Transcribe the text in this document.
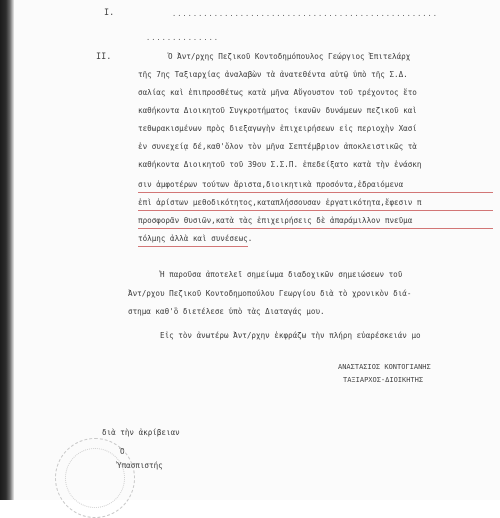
I.	...................................................
II.
..............
Ὁ Ἀντ/ρχης Πεζικοῦ Κοντοδημόπουλος Γεώργιος Ἐπιτελάρχ
τῆς 7ης Ταξιαρχίας ἀναλαβὼν τὰ ἀνατεθέντα αὐτῷ ὑπὸ τῆς Σ.Δ.
σαλίας καὶ ἐπιπροσθέτως κατὰ μῆνα Αὔγουστον τοῦ τρέχοντος ἔτο
καθήκοντα Διοικητοῦ Συγκροτήματος ἱκανῶν δυνάμεων πεζικοῦ καὶ
τεθωρακισμένων πρὸς διεξαγωγὴν ἐπιχειρήσεων εἰς περιοχὴν Χασί
ἐν συνεχείᾳ δέ,καθ'ὅλον τὸν μῆνα Σεπτέμβριον ἀποκλειστικῶς τὰ
καθήκοντα Διοικητοῦ τοῦ 39ου Σ.Σ.Π. ἐπεδείξατο κατὰ τὴν ἐνάσκη
σιν ἀμφοτέρων τούτων ἄριστα,διοικητικὰ προσόντα,ἐδραιόμενα
ἐπὶ ἀρίστων μεθοδικότητος,καταπλήσσουσαν ἐργατικότητα,ἔφεσιν π
προσφορᾶν θυσιῶν,κατὰ τὰς ἐπιχειρήσεις δὲ ἀπαράμιλλον πνεῦμα
τόλμης ἀλλὰ καὶ συνέσεως.
Ἡ παροῦσα ἀποτελεῖ σημείωμα διαδοχικῶν σημειώσεων τοῦ
Ἀντ/ρχου Πεζικοῦ Κοντοδημοπούλου Γεωργίου διὰ τὸ χρονικὸν διά-
στημα καθ'ὃ διετέλεσε ὑπὸ τὰς Διαταγάς μου.
Εἰς τὸν ἀνωτέρω Ἀντ/ρχην ἐκφράζω τὴν πλήρη εὐαρέσκειάν μο
ΑΝΑΣΤΑΣΙΟΣ ΚΟΝΤΟΓΙΑΝΗΣ
ΤΑΞΙΑΡΧΟΣ-ΔΙΟΙΚΗΤΗΣ
διὰ τὴν ἀκρίβειαν
Ὁ
Ὑπασπιστής
